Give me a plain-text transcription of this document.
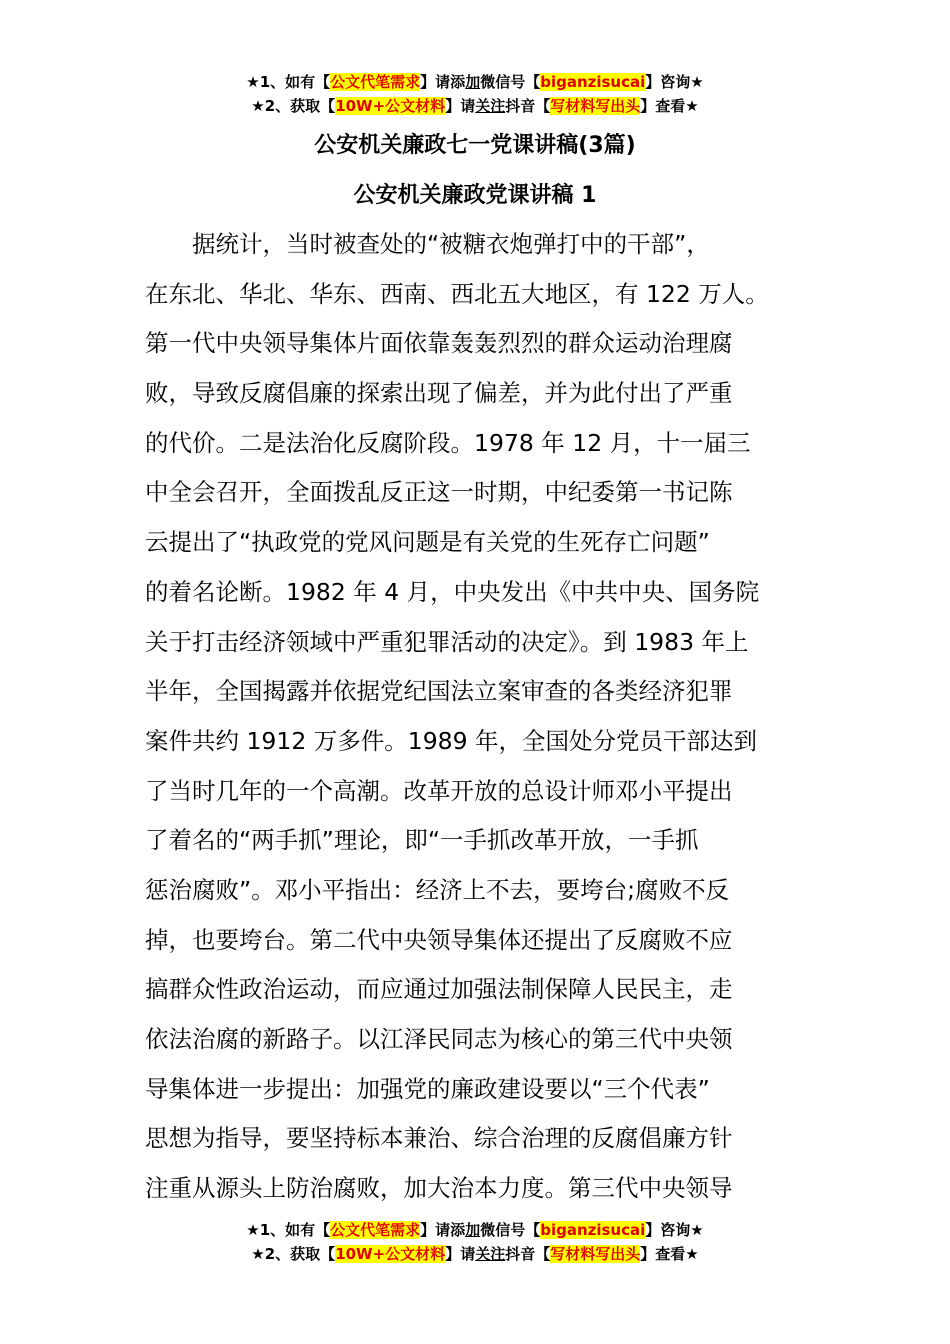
★1、如有【公文代笔需求】请添加微信号【biganzisucai】咨询★
★2、获取【10W+公文材料】请关注抖音【写材料写出头】查看★
公安机关廉政七一党课讲稿(3篇)
公安机关廉政党课讲稿 1
　　据统计，当时被查处的“被糖衣炮弹打中的干部”，
在东北、华北、华东、西南、西北五大地区，有 122 万人。
第一代中央领导集体片面依靠轰轰烈烈的群众运动治理腐
败，导致反腐倡廉的探索出现了偏差，并为此付出了严重
的代价。二是法治化反腐阶段。1978 年 12 月，十一届三
中全会召开，全面拨乱反正这一时期，中纪委第一书记陈
云提出了“执政党的党风问题是有关党的生死存亡问题”
的着名论断。1982 年 4 月，中央发出《中共中央、国务院
关于打击经济领域中严重犯罪活动的决定》。到 1983 年上
半年，全国揭露并依据党纪国法立案审查的各类经济犯罪
案件共约 1912 万多件。1989 年，全国处分党员干部达到
了当时几年的一个高潮。改革开放的总设计师邓小平提出
了着名的“两手抓”理论，即“一手抓改革开放，一手抓
惩治腐败”。邓小平指出：经济上不去，要垮台;腐败不反
掉，也要垮台。第二代中央领导集体还提出了反腐败不应
搞群众性政治运动，而应通过加强法制保障人民民主，走
依法治腐的新路子。以江泽民同志为核心的第三代中央领
导集体进一步提出：加强党的廉政建设要以“三个代表”
思想为指导，要坚持标本兼治、综合治理的反腐倡廉方针
注重从源头上防治腐败，加大治本力度。第三代中央领导
★1、如有【公文代笔需求】请添加微信号【biganzisucai】咨询★
★2、获取【10W+公文材料】请关注抖音【写材料写出头】查看★
